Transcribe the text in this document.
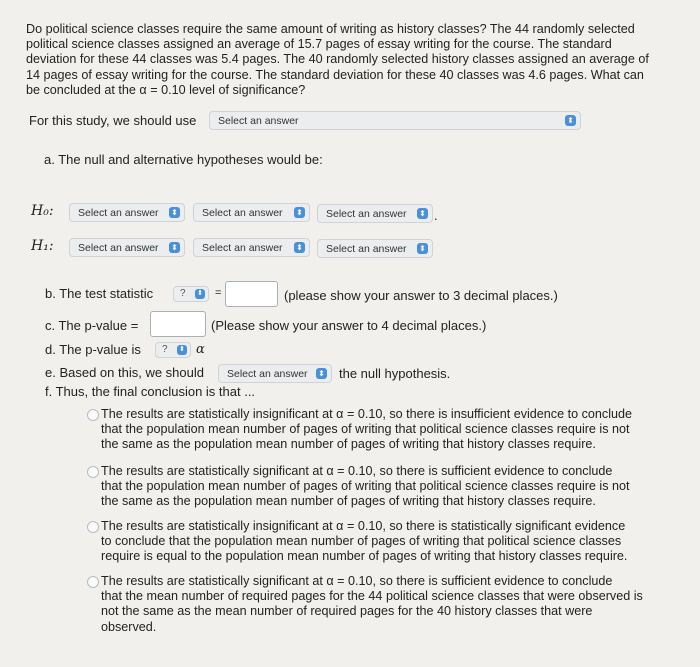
Do political science classes require the same amount of writing as history classes? The 44 randomly selected
political science classes assigned an average of 15.7 pages of essay writing for the course. The standard
deviation for these 44 classes was 5.4 pages. The 40 randomly selected history classes assigned an average of
14 pages of essay writing for the course. The standard deviation for these 40 classes was 4.6 pages. What can
be concluded at the α = 0.10 level of significance?
For this study, we should use	Select an answer	⬍
a. The null and alternative hypotheses would be:
H₀:	Select an answer ⬍	Select an answer ⬍	Select an answer ⬍ .
H₁:	Select an answer ⬍	Select an answer ⬍	Select an answer ⬍
b. The test statistic	? ⬍ =	(please show your answer to 3 decimal places.)
c. The p-value =	(Please show your answer to 4 decimal places.)
d. The p-value is	? ⬍ α
e. Based on this, we should	Select an answer ⬍ the null hypothesis.
f. Thus, the final conclusion is that ...
The results are statistically insignificant at α = 0.10, so there is insufficient evidence to conclude
that the population mean number of pages of writing that political science classes require is not
the same as the population mean number of pages of writing that history classes require.
The results are statistically significant at α = 0.10, so there is sufficient evidence to conclude
that the population mean number of pages of writing that political science classes require is not
the same as the population mean number of pages of writing that history classes require.
The results are statistically insignificant at α = 0.10, so there is statistically significant evidence
to conclude that the population mean number of pages of writing that political science classes
require is equal to the population mean number of pages of writing that history classes require.
The results are statistically significant at α = 0.10, so there is sufficient evidence to conclude
that the mean number of required pages for the 44 political science classes that were observed is
not the same as the mean number of required pages for the 40 history classes that were
observed.
